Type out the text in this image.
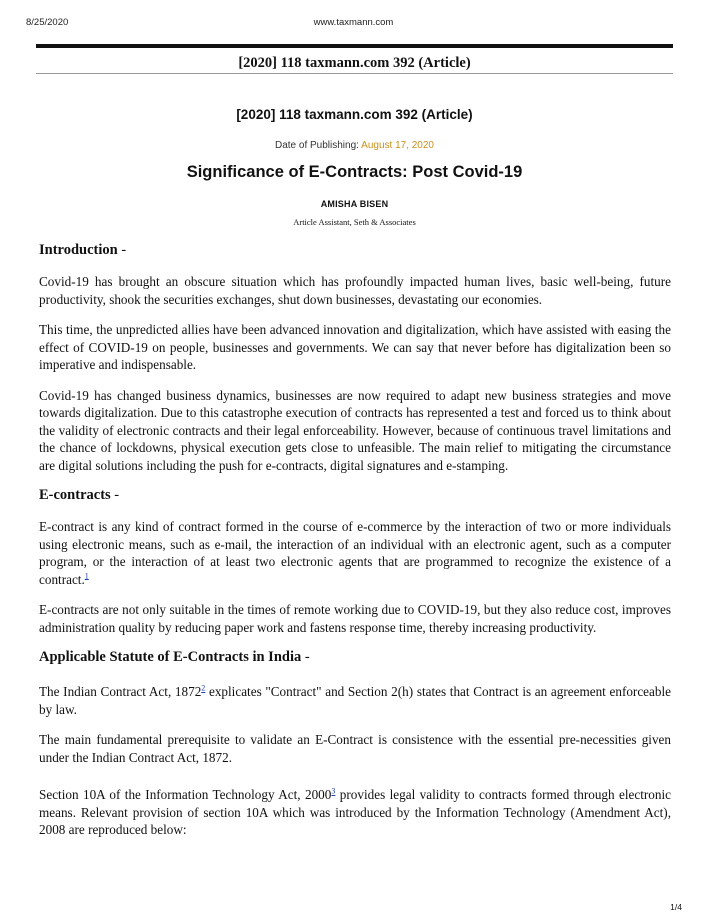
8/25/2020	www.taxmann.com
[2020] 118 taxmann.com 392 (Article)
[2020] 118 taxmann.com 392 (Article)
Date of Publishing: August 17, 2020
Significance of E-Contracts: Post Covid-19
AMISHA BISEN
Article Assistant, Seth & Associates
Introduction -

Covid-19 has brought an obscure situation which has profoundly impacted human lives, basic well-being, future productivity, shook the securities exchanges, shut down businesses, devastating our economies.

This time, the unpredicted allies have been advanced innovation and digitalization, which have assisted with easing the effect of COVID-19 on people, businesses and governments. We can say that never before has digitalization been so imperative and indispensable.

Covid-19 has changed business dynamics, businesses are now required to adapt new business strategies and move towards digitalization. Due to this catastrophe execution of contracts has represented a test and forced us to think about the validity of electronic contracts and their legal enforceability. However, because of continuous travel limitations and the chance of lockdowns, physical execution gets close to unfeasible. The main relief to mitigating the circumstance are digital solutions including the push for e-contracts, digital signatures and e-stamping.

E-contracts -

E-contract is any kind of contract formed in the course of e-commerce by the interaction of two or more individuals using electronic means, such as e-mail, the interaction of an individual with an electronic agent, such as a computer program, or the interaction of at least two electronic agents that are programmed to recognize the existence of a contract.$^1$

E-contracts are not only suitable in the times of remote working due to COVID-19, but they also reduce cost, improves administration quality by reducing paper work and fastens response time, thereby increasing productivity.

Applicable Statute of E-Contracts in India -

The Indian Contract Act, 1872$^2$ explicates "Contract" and Section 2(h) states that Contract is an agreement enforceable by law.

The main fundamental prerequisite to validate an E-Contract is consistence with the essential pre-necessities given under the Indian Contract Act, 1872.

Section 10A of the Information Technology Act, 2000$^3$ provides legal validity to contracts formed through electronic means. Relevant provision of section 10A which was introduced by the Information Technology (Amendment Act), 2008 are reproduced below:

1/4
